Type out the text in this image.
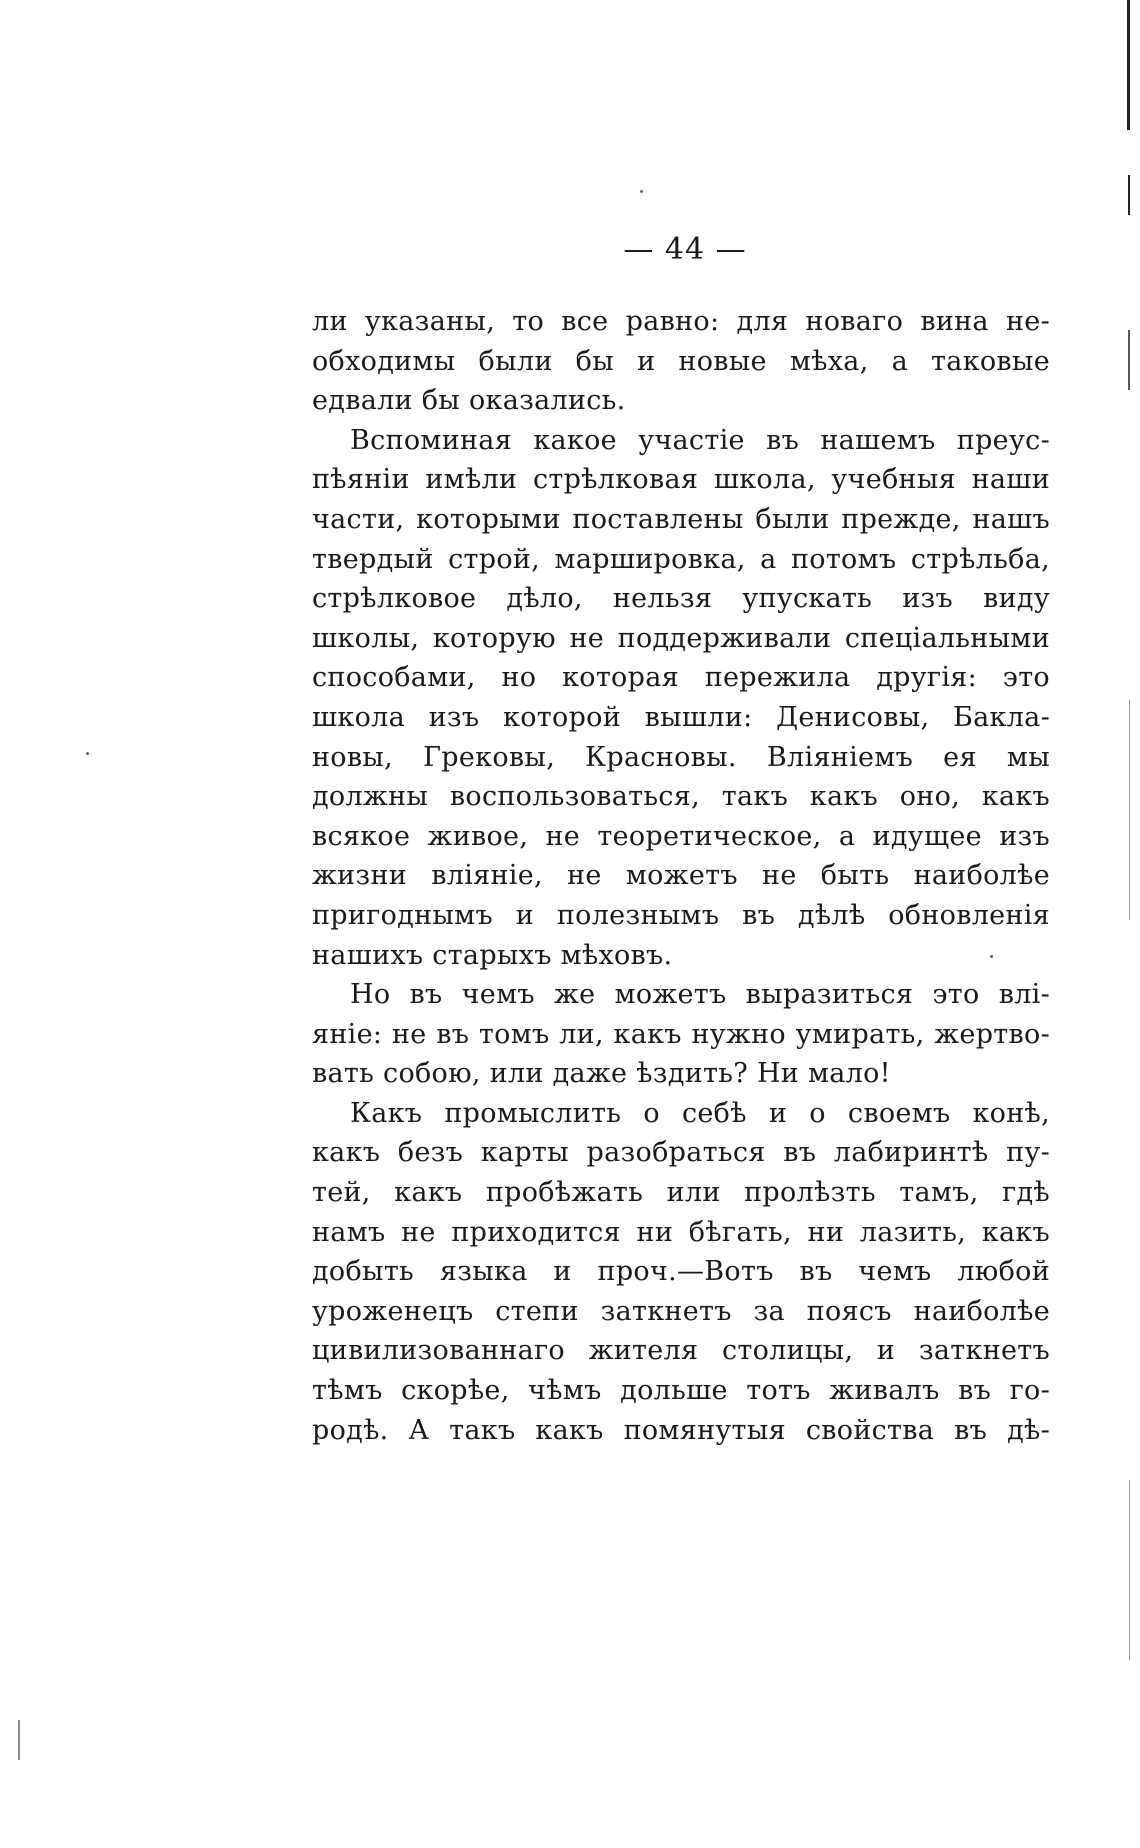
— 44 —
ли указаны, то все равно: для новаго вина не-
обходимы были бы и новые мѣха, а таковые
едвали бы оказались.
Вспоминая какое участіе въ нашемъ преус-
пѣяніи имѣли стрѣлковая школа, учебныя наши
части, которыми поставлены были прежде, нашъ
твердый строй, маршировка, а потомъ стрѣльба,
стрѣлковое дѣло, нельзя упускать изъ виду
школы, которую не поддерживали спеціальными
способами, но которая пережила другія: это
школа изъ которой вышли: Денисовы, Бакла-
новы, Грековы, Красновы. Вліяніемъ ея мы
должны воспользоваться, такъ какъ оно, какъ
всякое живое, не теоретическое, а идущее изъ
жизни вліяніе, не можетъ не быть наиболѣе
пригоднымъ и полезнымъ въ дѣлѣ обновленія
нашихъ старыхъ мѣховъ.
Но въ чемъ же можетъ выразиться это влі-
яніе: не въ томъ ли, какъ нужно умирать, жертво-
вать собою, или даже ѣздить? Ни мало!
Какъ промыслить о себѣ и о своемъ конѣ,
какъ безъ карты разобраться въ лабиринтѣ пу-
тей, какъ пробѣжать или пролѣзть тамъ, гдѣ
намъ не приходится ни бѣгать, ни лазить, какъ
добыть языка и проч.—Вотъ въ чемъ любой
уроженецъ степи заткнетъ за поясъ наиболѣе
цивилизованнаго жителя столицы, и заткнетъ
тѣмъ скорѣе, чѣмъ дольше тотъ живалъ въ го-
родѣ. А такъ какъ помянутыя свойства въ дѣ-
